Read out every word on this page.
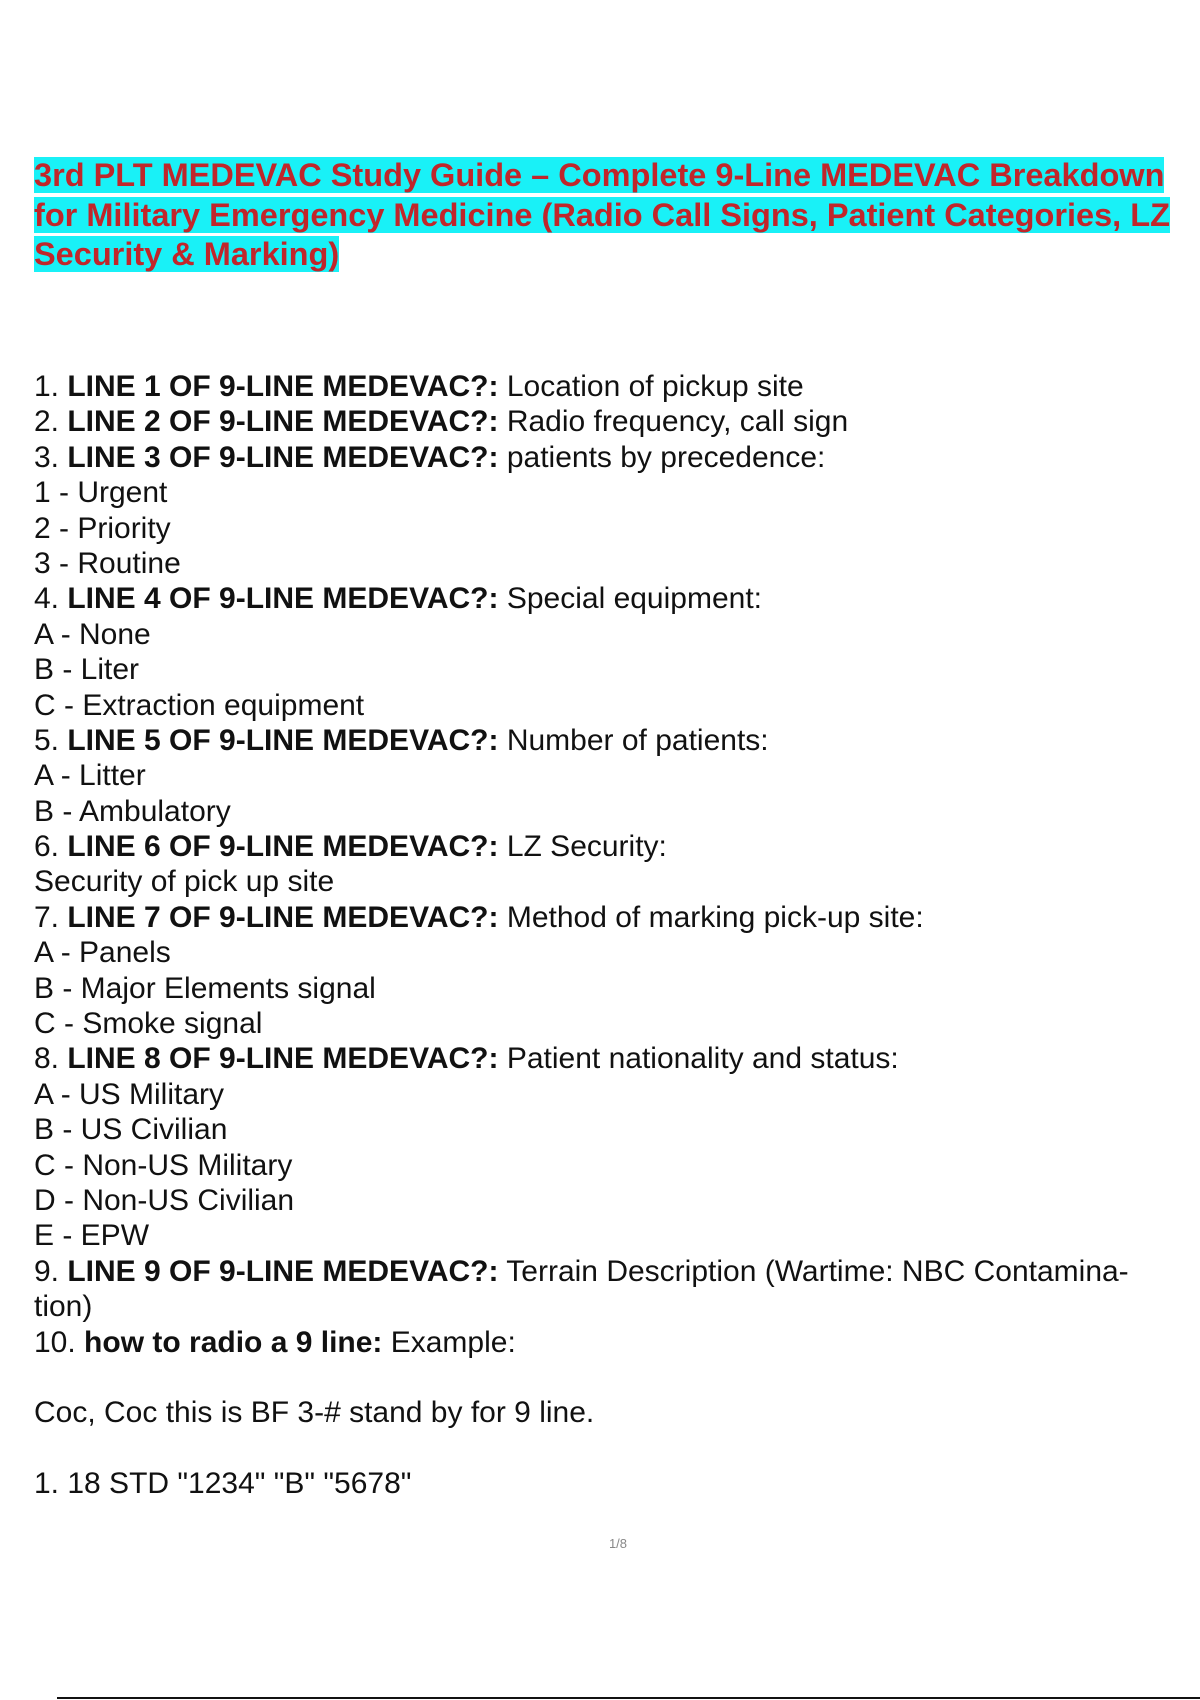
3rd PLT MEDEVAC Study Guide – Complete 9-Line MEDEVAC Breakdown
for Military Emergency Medicine (Radio Call Signs, Patient Categories, LZ
Security & Marking)
1. LINE 1 OF 9-LINE MEDEVAC?: Location of pickup site
2. LINE 2 OF 9-LINE MEDEVAC?: Radio frequency, call sign
3. LINE 3 OF 9-LINE MEDEVAC?: patients by precedence:
1 - Urgent
2 - Priority
3 - Routine
4. LINE 4 OF 9-LINE MEDEVAC?: Special equipment:
A - None
B - Liter
C - Extraction equipment
5. LINE 5 OF 9-LINE MEDEVAC?: Number of patients:
A - Litter
B - Ambulatory
6. LINE 6 OF 9-LINE MEDEVAC?: LZ Security:
Security of pick up site
7. LINE 7 OF 9-LINE MEDEVAC?: Method of marking pick-up site:
A - Panels
B - Major Elements signal
C - Smoke signal
8. LINE 8 OF 9-LINE MEDEVAC?: Patient nationality and status:
A - US Military
B - US Civilian
C - Non-US Military
D - Non-US Civilian
E - EPW
9. LINE 9 OF 9-LINE MEDEVAC?: Terrain Description (Wartime: NBC Contamina-
tion)
10. how to radio a 9 line: Example:
Coc, Coc this is BF 3-# stand by for 9 line.
1. 18 STD "1234" "B" "5678"
1/8
